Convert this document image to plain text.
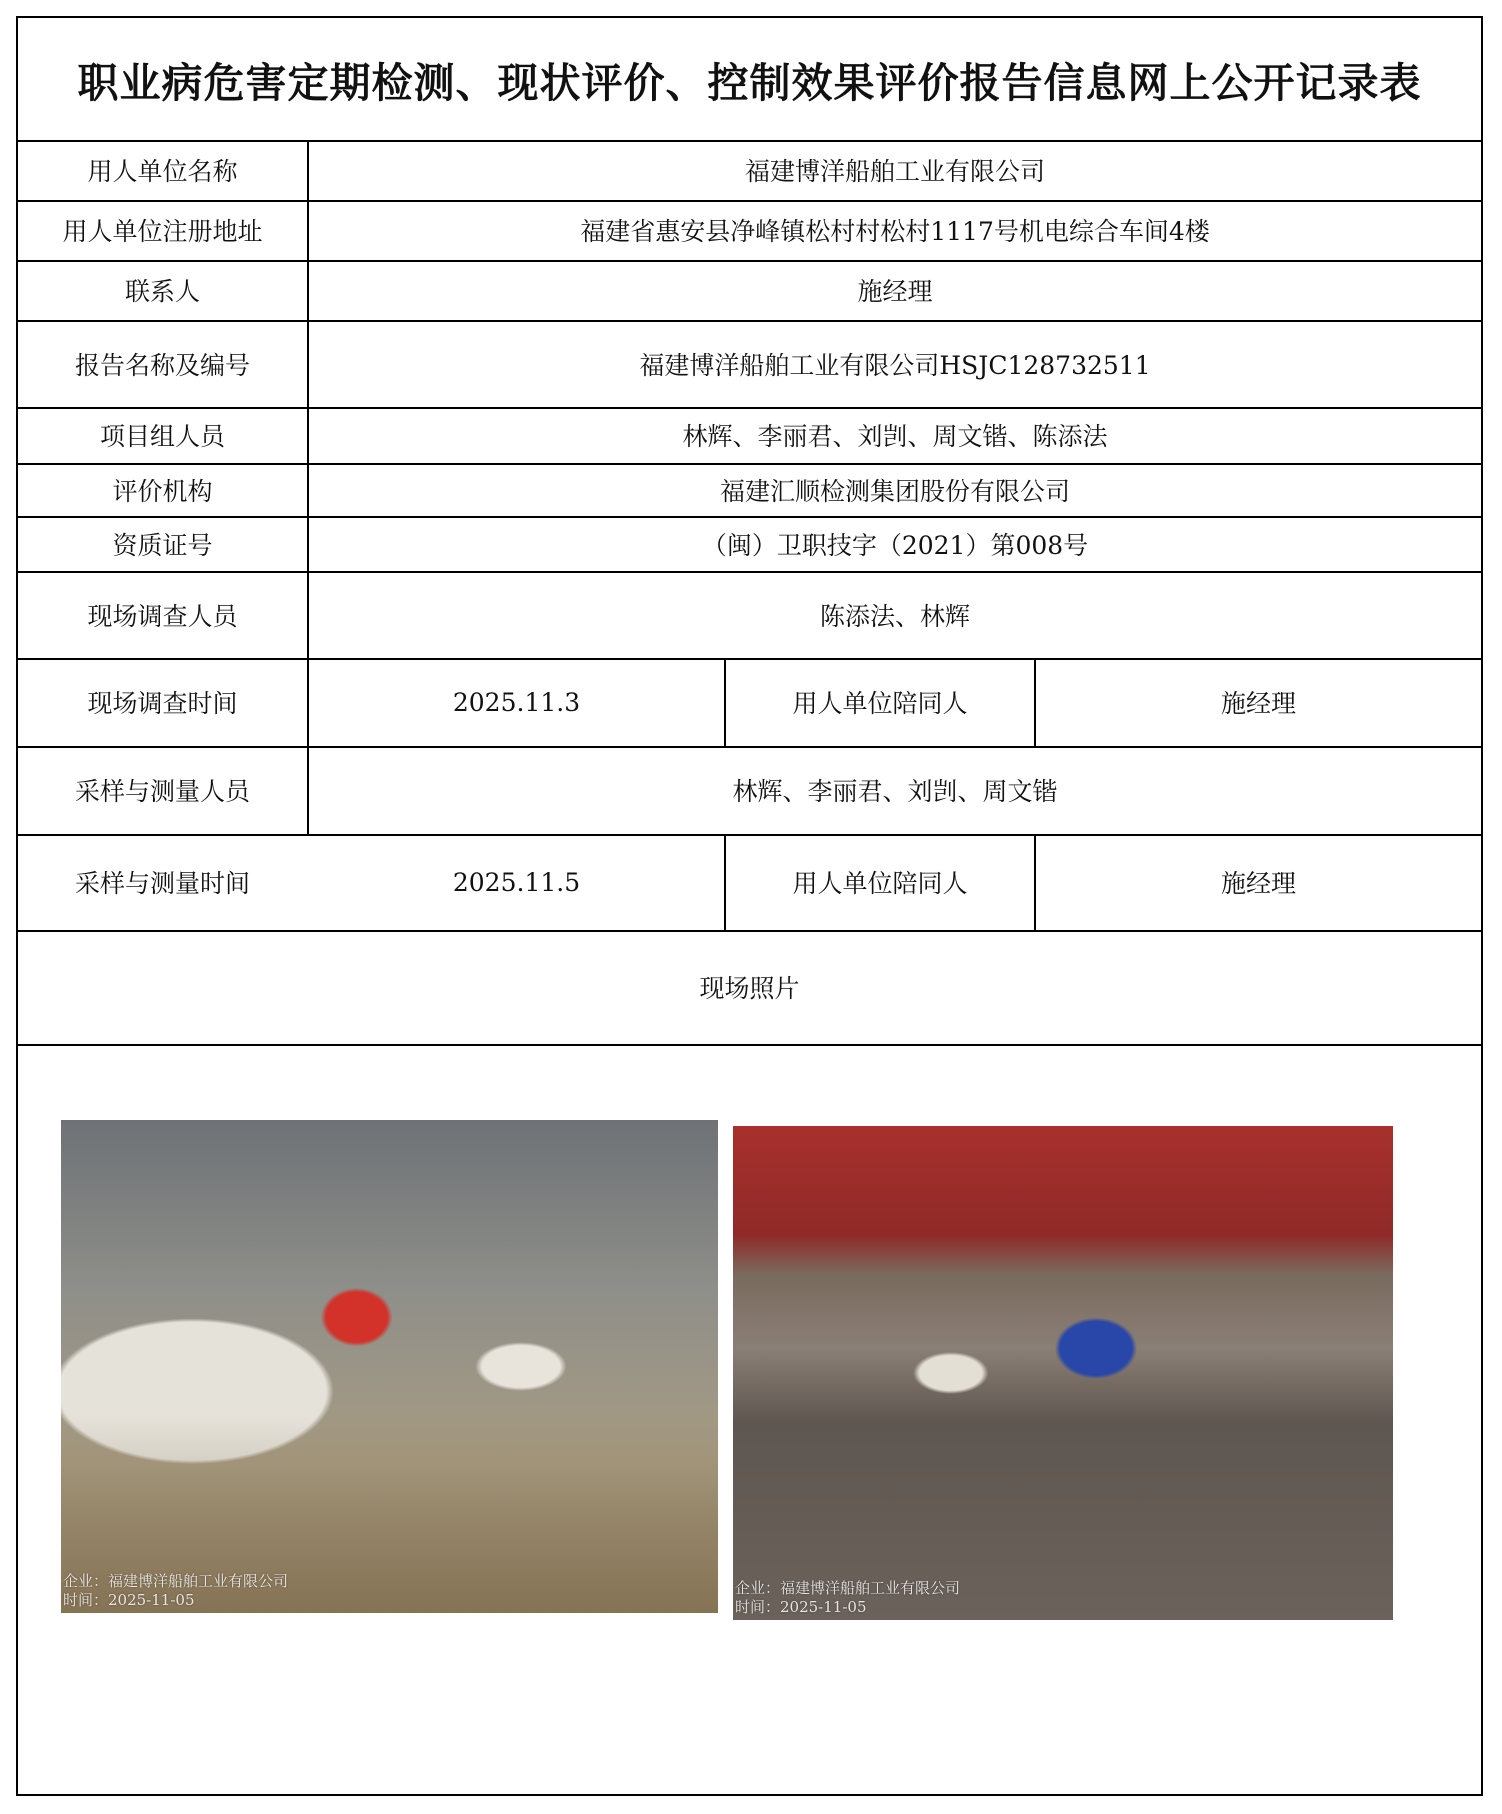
职业病危害定期检测、现状评价、控制效果评价报告信息网上公开记录表
用人单位名称	福建博洋船舶工业有限公司
用人单位注册地址	福建省惠安县净峰镇松村村松村1117号机电综合车间4楼
联系人	施经理
报告名称及编号	福建博洋船舶工业有限公司HSJC128732511
项目组人员	林辉、李丽君、刘剀、周文锴、陈添法
评价机构	福建汇顺检测集团股份有限公司
资质证号	（闽）卫职技字（2021）第008号
现场调查人员	陈添法、林辉
现场调查时间	2025.11.3	用人单位陪同人	施经理
采样与测量人员	林辉、李丽君、刘剀、周文锴
采样与测量时间	2025.11.5	用人单位陪同人	施经理
现场照片
企业：福建博洋船舶工业有限公司
时间：2025-11-05
企业：福建博洋船舶工业有限公司
时间：2025-11-05
